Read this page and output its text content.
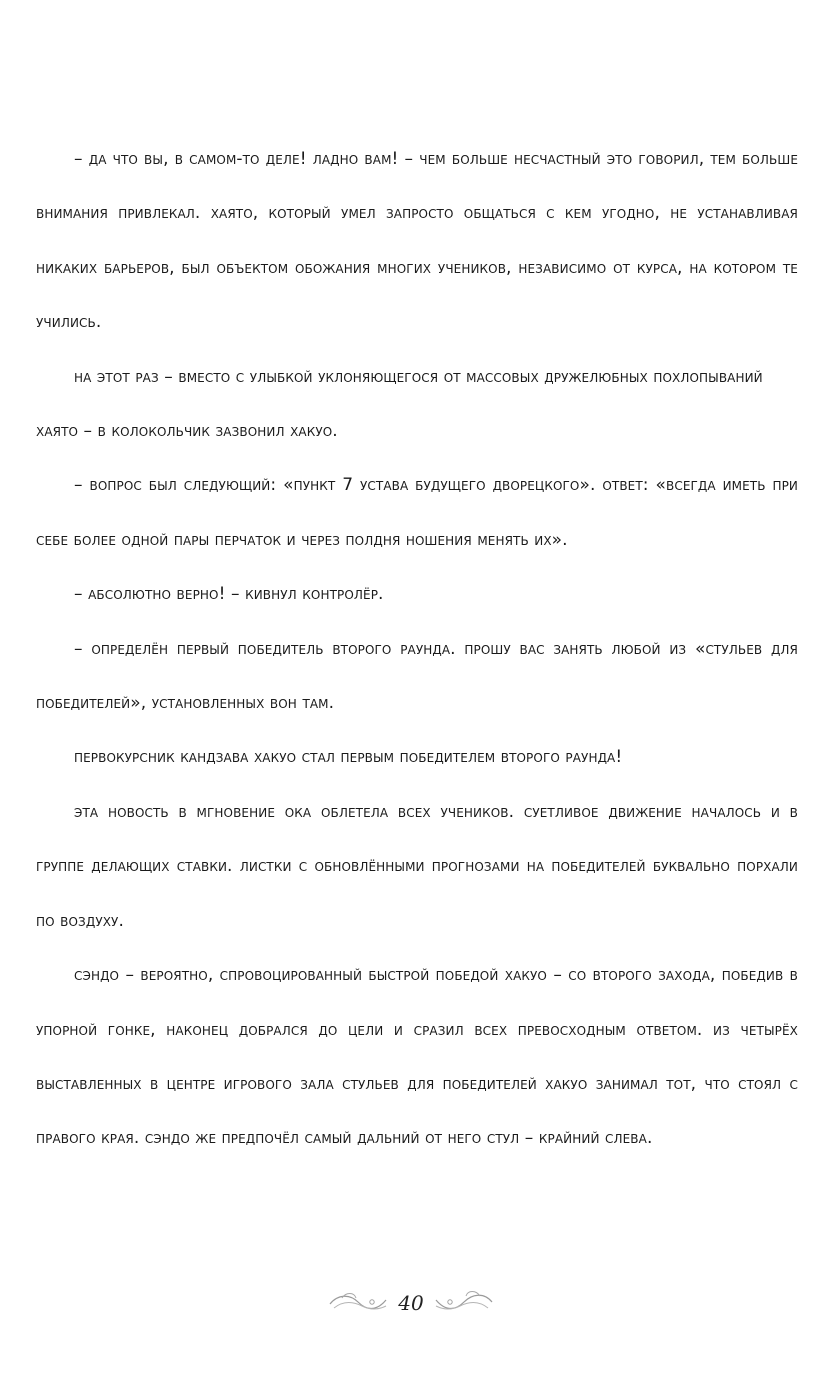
– да что вы, в самом-то деле! ладно вам! – чем больше несчастный это говорил, тем больше внимания привлекал. хаято, который умел запросто общаться с кем угодно, не устанавливая никаких барьеров, был объектом обожания многих учеников, независимо от курса, на котором те учились.

на этот раз – вместо с улыбкой уклоняющегося от массовых дружелюбных похлопываний хаято – в колокольчик зазвонил хакуо.

– вопрос был следующий: «пункт 7 устава будущего дворецкого». ответ: «всегда иметь при себе более одной пары перчаток и через полдня ношения менять их».

– абсолютно верно! – кивнул контролёр.

– определён первый победитель второго раунда. прошу вас занять любой из «стульев для победителей», установленных вон там.

первокурсник кандзава хакуо стал первым победителем второго раунда!

эта новость в мгновение ока облетела всех учеников. суетливое движение началось и в группе делающих ставки. листки с обновлёнными прогнозами на победителей буквально порхали по воздуху.

сэндо – вероятно, спровоцированный быстрой победой хакуо – со второго захода, победив в упорной гонке, наконец добрался до цели и сразил всех превосходным ответом. из четырёх выставленных в центре игрового зала стульев для победителей хакуо занимал тот, что стоял с правого края. сэндо же предпочёл самый дальний от него стул – крайний слева.

40
